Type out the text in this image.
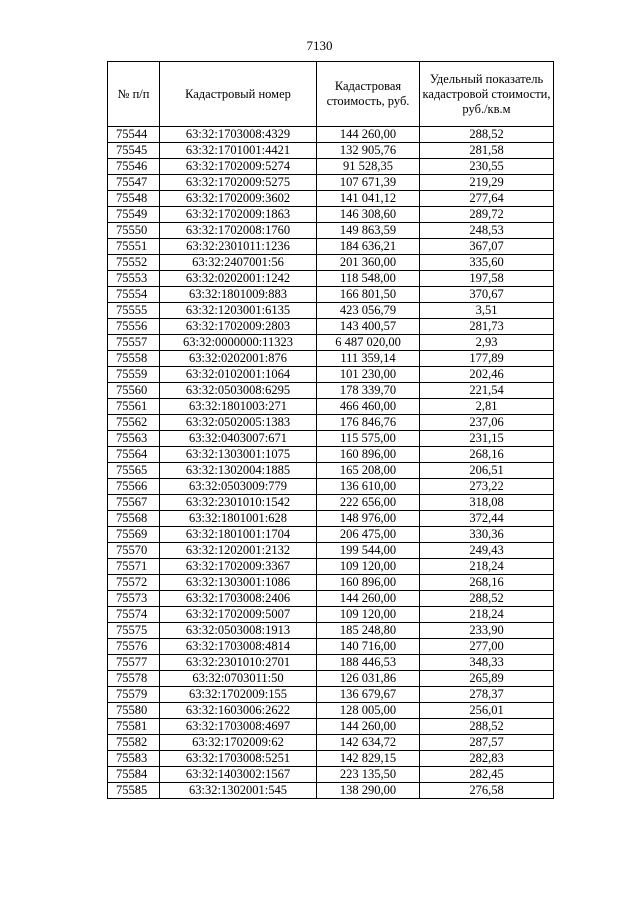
7130
№ п/п	Кадастровый номер	Кадастровая стоимость, руб.	Удельный показатель кадастровой стоимости, руб./кв.м
75544	63:32:1703008:4329	144 260,00	288,52
75545	63:32:1701001:4421	132 905,76	281,58
75546	63:32:1702009:5274	91 528,35	230,55
75547	63:32:1702009:5275	107 671,39	219,29
75548	63:32:1702009:3602	141 041,12	277,64
75549	63:32:1702009:1863	146 308,60	289,72
75550	63:32:1702008:1760	149 863,59	248,53
75551	63:32:2301011:1236	184 636,21	367,07
75552	63:32:2407001:56	201 360,00	335,60
75553	63:32:0202001:1242	118 548,00	197,58
75554	63:32:1801009:883	166 801,50	370,67
75555	63:32:1203001:6135	423 056,79	3,51
75556	63:32:1702009:2803	143 400,57	281,73
75557	63:32:0000000:11323	6 487 020,00	2,93
75558	63:32:0202001:876	111 359,14	177,89
75559	63:32:0102001:1064	101 230,00	202,46
75560	63:32:0503008:6295	178 339,70	221,54
75561	63:32:1801003:271	466 460,00	2,81
75562	63:32:0502005:1383	176 846,76	237,06
75563	63:32:0403007:671	115 575,00	231,15
75564	63:32:1303001:1075	160 896,00	268,16
75565	63:32:1302004:1885	165 208,00	206,51
75566	63:32:0503009:779	136 610,00	273,22
75567	63:32:2301010:1542	222 656,00	318,08
75568	63:32:1801001:628	148 976,00	372,44
75569	63:32:1801001:1704	206 475,00	330,36
75570	63:32:1202001:2132	199 544,00	249,43
75571	63:32:1702009:3367	109 120,00	218,24
75572	63:32:1303001:1086	160 896,00	268,16
75573	63:32:1703008:2406	144 260,00	288,52
75574	63:32:1702009:5007	109 120,00	218,24
75575	63:32:0503008:1913	185 248,80	233,90
75576	63:32:1703008:4814	140 716,00	277,00
75577	63:32:2301010:2701	188 446,53	348,33
75578	63:32:0703011:50	126 031,86	265,89
75579	63:32:1702009:155	136 679,67	278,37
75580	63:32:1603006:2622	128 005,00	256,01
75581	63:32:1703008:4697	144 260,00	288,52
75582	63:32:1702009:62	142 634,72	287,57
75583	63:32:1703008:5251	142 829,15	282,83
75584	63:32:1403002:1567	223 135,50	282,45
75585	63:32:1302001:545	138 290,00	276,58
